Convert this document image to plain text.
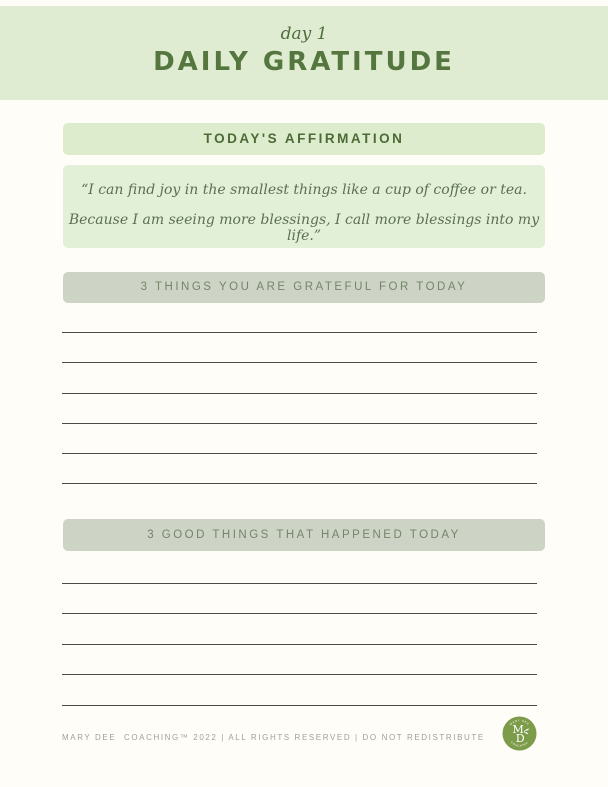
day 1
DAILY GRATITUDE
TODAY'S AFFIRMATION

“I can find joy in the smallest things like a cup of coffee or tea.

Because I am seeing more blessings, I call more blessings into my life.”

3 THINGS YOU ARE GRATEFUL FOR TODAY
3 GOOD THINGS THAT HAPPENED TODAY
MARY DEE  COACHING™ 2022 | ALL RIGHTS RESERVED | DO NOT REDISTRIBUTE
MARY DEE
M
D
COACHING
